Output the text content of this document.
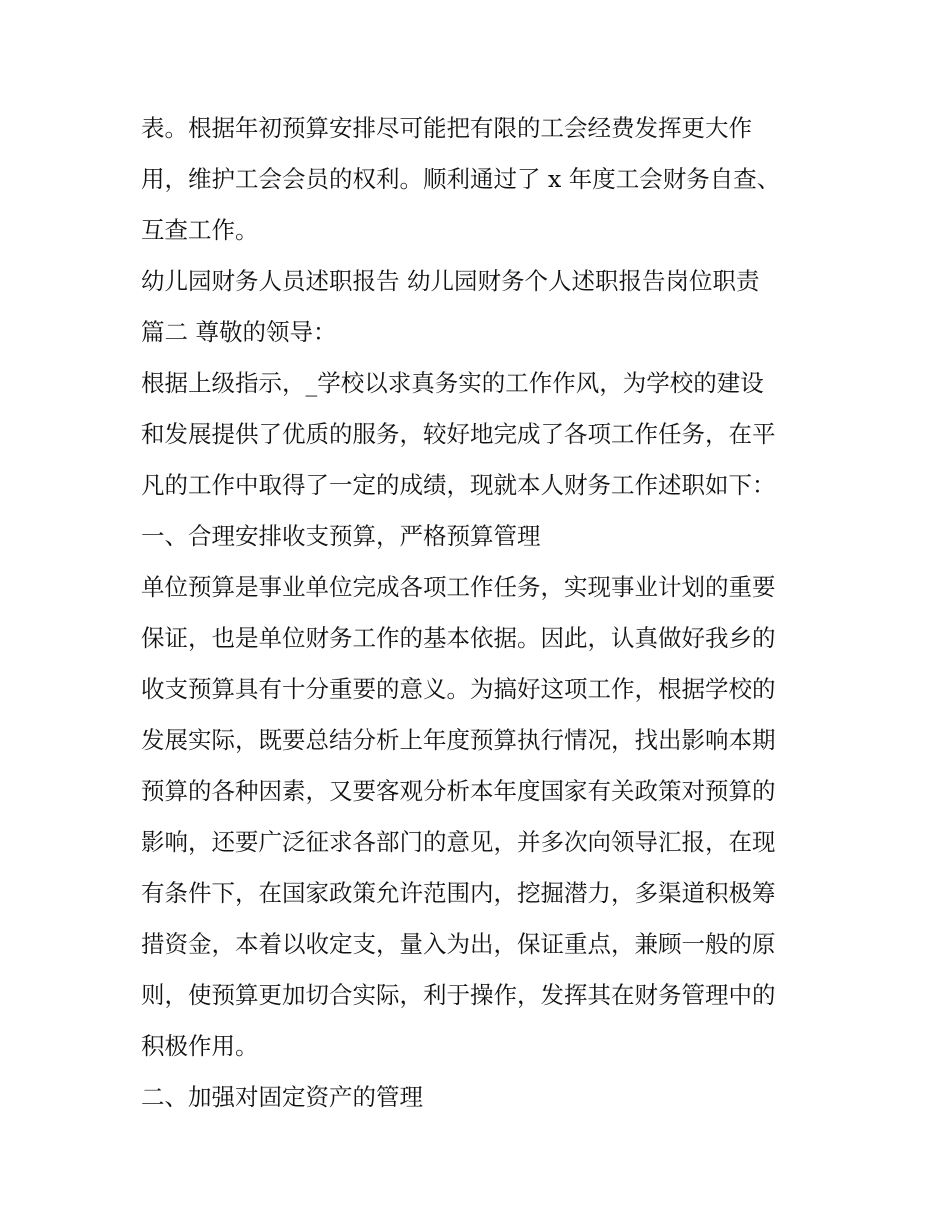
表。根据年初预算安排尽可能把有限的工会经费发挥更大作
用，维护工会会员的权利。顺利通过了 x 年度工会财务自查、
互查工作。
幼儿园财务人员述职报告 幼儿园财务个人述职报告岗位职责
篇二 尊敬的领导：
根据上级指示，_学校以求真务实的工作作风，为学校的建设
和发展提供了优质的服务，较好地完成了各项工作任务，在平
凡的工作中取得了一定的成绩，现就本人财务工作述职如下：
一、合理安排收支预算，严格预算管理
单位预算是事业单位完成各项工作任务，实现事业计划的重要
保证，也是单位财务工作的基本依据。因此，认真做好我乡的
收支预算具有十分重要的意义。为搞好这项工作，根据学校的
发展实际，既要总结分析上年度预算执行情况，找出影响本期
预算的各种因素，又要客观分析本年度国家有关政策对预算的
影响，还要广泛征求各部门的意见，并多次向领导汇报，在现
有条件下，在国家政策允许范围内，挖掘潜力，多渠道积极筹
措资金，本着以收定支，量入为出，保证重点，兼顾一般的原
则，使预算更加切合实际，利于操作，发挥其在财务管理中的
积极作用。
二、加强对固定资产的管理
